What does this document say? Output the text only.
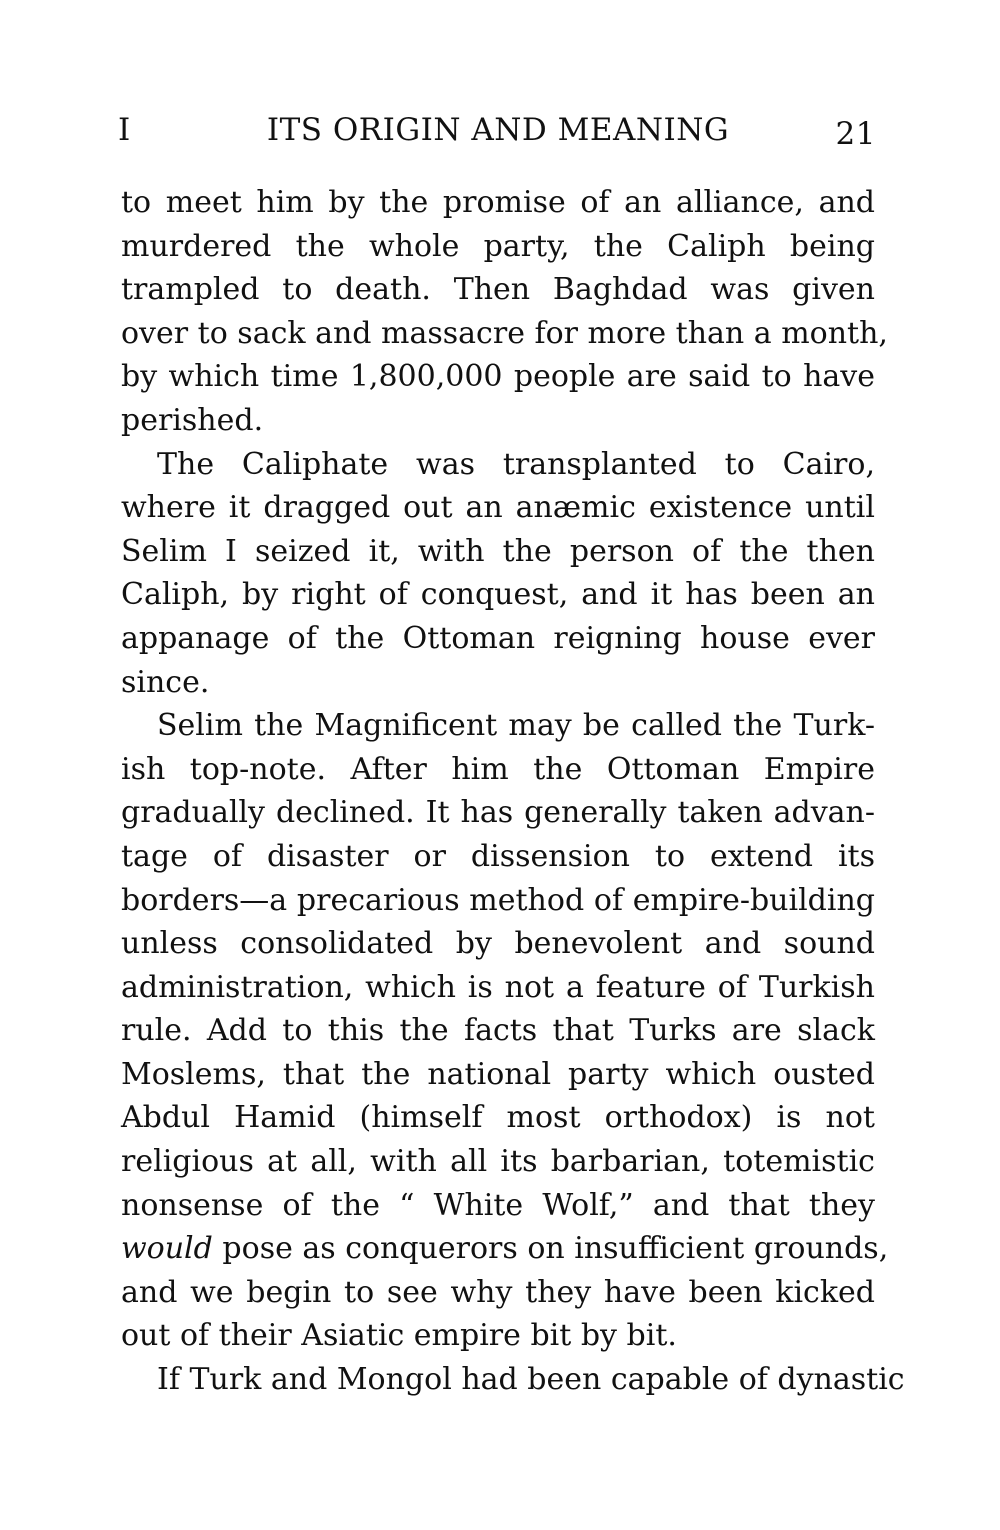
I	ITS ORIGIN AND MEANING	21
to meet him by the promise of an alliance, and
murdered the whole party, the Caliph being
trampled to death. Then Baghdad was given
over to sack and massacre for more than a month,
by which time 1,800,000 people are said to have
perished.
The Caliphate was transplanted to Cairo,
where it dragged out an anæmic existence until
Selim I seized it, with the person of the then
Caliph, by right of conquest, and it has been an
appanage of the Ottoman reigning house ever
since.
Selim the Magnificent may be called the Turk-
ish top-note. After him the Ottoman Empire
gradually declined. It has generally taken advan-
tage of disaster or dissension to extend its
borders—a precarious method of empire-building
unless consolidated by benevolent and sound
administration, which is not a feature of Turkish
rule. Add to this the facts that Turks are slack
Moslems, that the national party which ousted
Abdul Hamid (himself most orthodox) is not
religious at all, with all its barbarian, totemistic
nonsense of the “ White Wolf,” and that they
would pose as conquerors on insufficient grounds,
and we begin to see why they have been kicked
out of their Asiatic empire bit by bit.
If Turk and Mongol had been capable of dynastic
